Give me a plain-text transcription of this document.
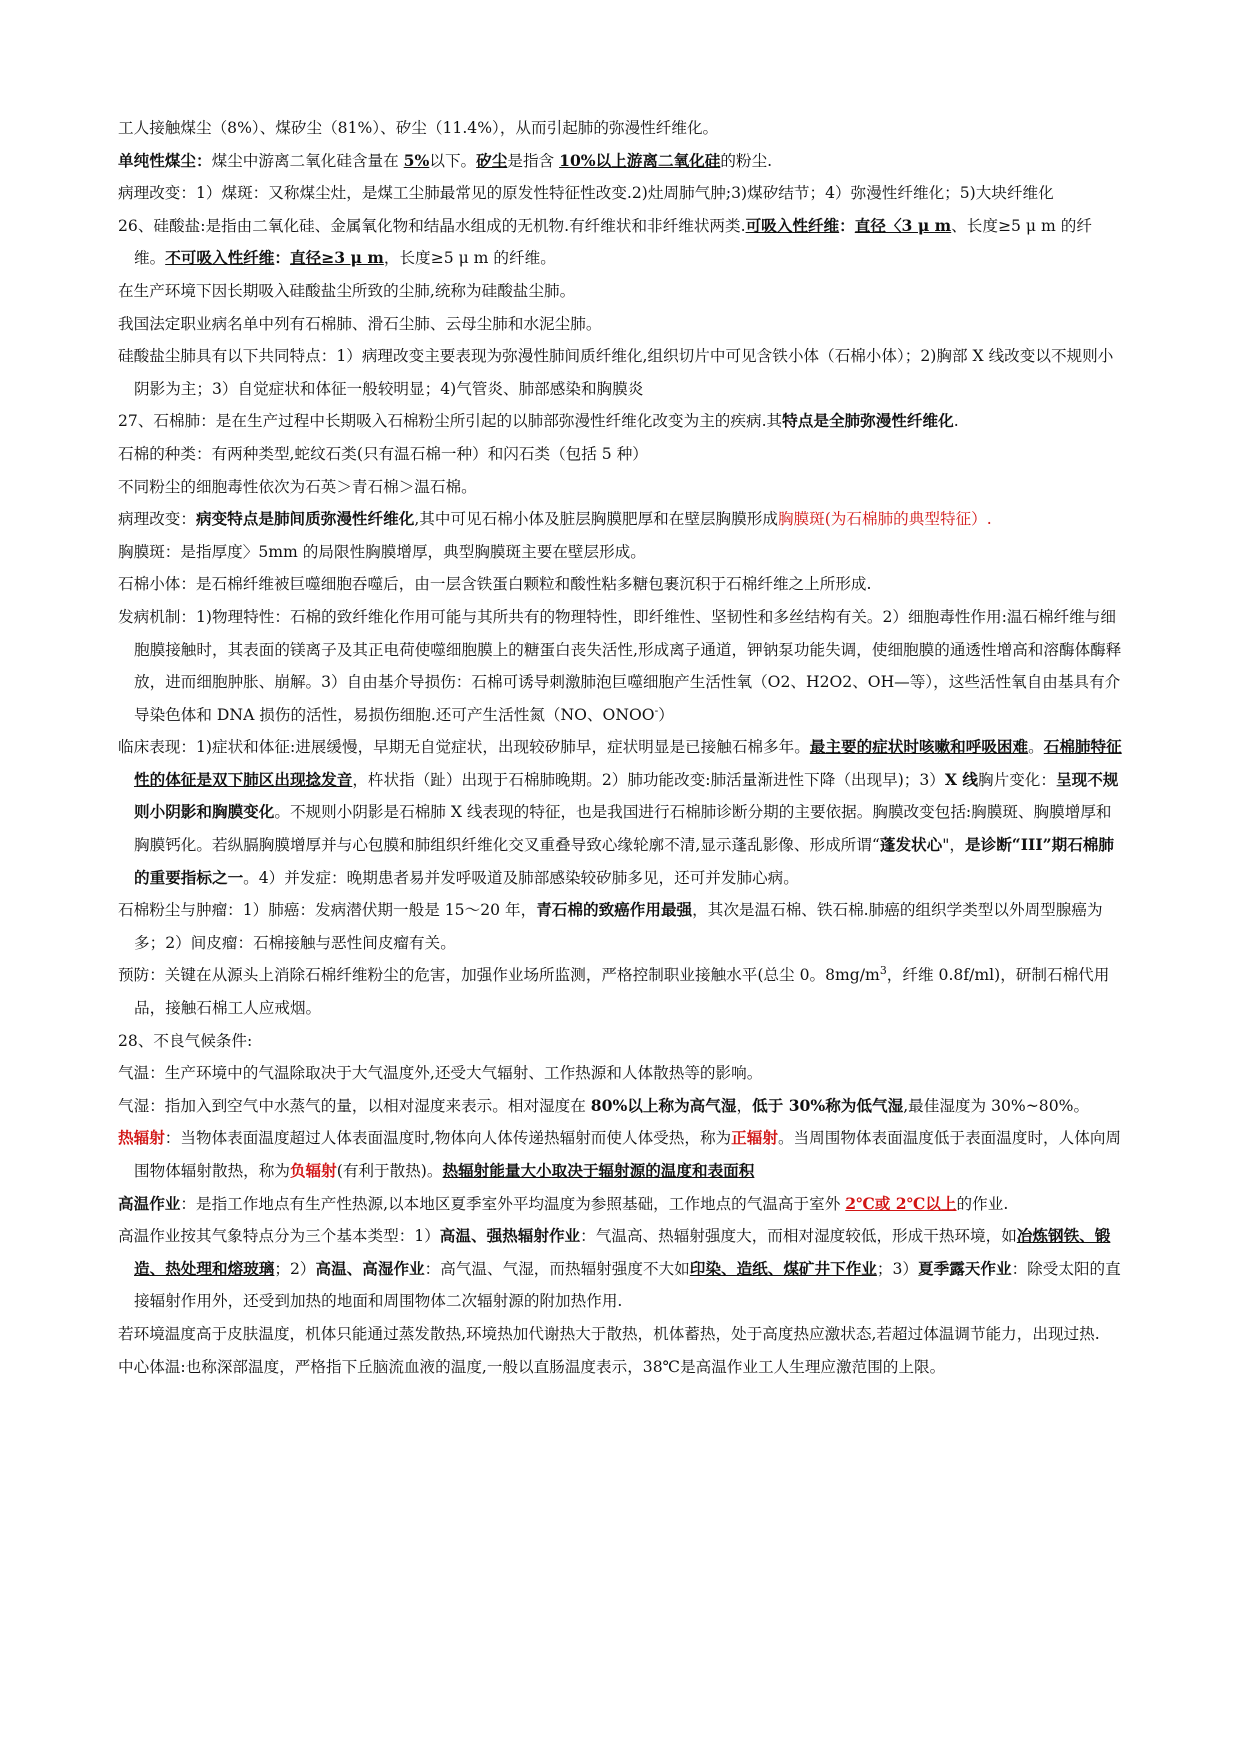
工人接触煤尘（8%）、煤矽尘（81%）、矽尘（11.4%），从而引起肺的弥漫性纤维化。

单纯性煤尘：煤尘中游离二氧化硅含量在 5%以下。矽尘是指含 10%以上游离二氧化硅的粉尘.

病理改变：1）煤斑：又称煤尘灶，是煤工尘肺最常见的原发性特征性改变.2)灶周肺气肿;3)煤矽结节；4）弥漫性纤维化；5)大块纤维化

26、硅酸盐:是指由二氧化硅、金属氧化物和结晶水组成的无机物.有纤维状和非纤维状两类.可吸入性纤维：直径〈3 μ m、长度≥5 μ m 的纤维。不可吸入性纤维：直径≥3 μ m，长度≥5 μ m 的纤维。

在生产环境下因长期吸入硅酸盐尘所致的尘肺,统称为硅酸盐尘肺。

我国法定职业病名单中列有石棉肺、滑石尘肺、云母尘肺和水泥尘肺。

硅酸盐尘肺具有以下共同特点：1）病理改变主要表现为弥漫性肺间质纤维化,组织切片中可见含铁小体（石棉小体）；2)胸部 X 线改变以不规则小阴影为主；3）自觉症状和体征一般较明显；4)气管炎、肺部感染和胸膜炎

27、石棉肺：是在生产过程中长期吸入石棉粉尘所引起的以肺部弥漫性纤维化改变为主的疾病.其特点是全肺弥漫性纤维化.

石棉的种类：有两种类型,蛇纹石类(只有温石棉一种）和闪石类（包括 5 种）

不同粉尘的细胞毒性依次为石英＞青石棉＞温石棉。

病理改变：病变特点是肺间质弥漫性纤维化,其中可见石棉小体及脏层胸膜肥厚和在壁层胸膜形成胸膜斑(为石棉肺的典型特征）.

胸膜斑：是指厚度〉5mm 的局限性胸膜增厚，典型胸膜斑主要在壁层形成。

石棉小体：是石棉纤维被巨噬细胞吞噬后，由一层含铁蛋白颗粒和酸性粘多糖包裹沉积于石棉纤维之上所形成.

发病机制：1)物理特性：石棉的致纤维化作用可能与其所共有的物理特性，即纤维性、坚韧性和多丝结构有关。2）细胞毒性作用:温石棉纤维与细胞膜接触时，其表面的镁离子及其正电荷使噬细胞膜上的糖蛋白丧失活性,形成离子通道，钾钠泵功能失调，使细胞膜的通透性增高和溶酶体酶释放，进而细胞肿胀、崩解。3）自由基介导损伤：石棉可诱导刺激肺泡巨噬细胞产生活性氧（O2、H2O2、OH—等），这些活性氧自由基具有介导染色体和 DNA 损伤的活性，易损伤细胞.还可产生活性氮（NO、ONOO-）

临床表现：1)症状和体征:进展缓慢，早期无自觉症状，出现较矽肺早，症状明显是已接触石棉多年。最主要的症状时咳嗽和呼吸困难。石棉肺特征性的体征是双下肺区出现捻发音，杵状指（趾）出现于石棉肺晚期。2）肺功能改变:肺活量渐进性下降（出现早)；3）X 线胸片变化：呈现不规则小阴影和胸膜变化。不规则小阴影是石棉肺 X 线表现的特征，也是我国进行石棉肺诊断分期的主要依据。胸膜改变包括:胸膜斑、胸膜增厚和胸膜钙化。若纵膈胸膜增厚并与心包膜和肺组织纤维化交叉重叠导致心缘轮廓不清,显示蓬乱影像、形成所谓“蓬发状心"，是诊断“III”期石棉肺的重要指标之一。4）并发症：晚期患者易并发呼吸道及肺部感染较矽肺多见，还可并发肺心病。

石棉粉尘与肿瘤：1）肺癌：发病潜伏期一般是 15～20 年，青石棉的致癌作用最强，其次是温石棉、铁石棉.肺癌的组织学类型以外周型腺癌为多；2）间皮瘤：石棉接触与恶性间皮瘤有关。

预防：关键在从源头上消除石棉纤维粉尘的危害，加强作业场所监测，严格控制职业接触水平(总尘 0。$8mg/m^3$，纤维 0.8f/ml)，研制石棉代用品，接触石棉工人应戒烟。

28、不良气候条件:

气温：生产环境中的气温除取决于大气温度外,还受大气辐射、工作热源和人体散热等的影响。

气湿：指加入到空气中水蒸气的量，以相对湿度来表示。相对湿度在 80%以上称为高气湿，低于 30%称为低气湿,最佳湿度为 30%~80%。

热辐射：当物体表面温度超过人体表面温度时,物体向人体传递热辐射而使人体受热，称为正辐射。当周围物体表面温度低于表面温度时，人体向周围物体辐射散热，称为负辐射(有利于散热)。热辐射能量大小取决于辐射源的温度和表面积

高温作业：是指工作地点有生产性热源,以本地区夏季室外平均温度为参照基础，工作地点的气温高于室外 2℃或 2℃以上的作业.

高温作业按其气象特点分为三个基本类型：1）高温、强热辐射作业：气温高、热辐射强度大，而相对湿度较低，形成干热环境，如冶炼钢铁、锻造、热处理和熔玻璃；2）高温、高湿作业：高气温、气湿，而热辐射强度不大如印染、造纸、煤矿井下作业；3）夏季露天作业：除受太阳的直接辐射作用外，还受到加热的地面和周围物体二次辐射源的附加热作用.

若环境温度高于皮肤温度，机体只能通过蒸发散热,环境热加代谢热大于散热，机体蓄热，处于高度热应激状态,若超过体温调节能力，出现过热.

中心体温:也称深部温度，严格指下丘脑流血液的温度,一般以直肠温度表示，38℃是高温作业工人生理应激范围的上限。
